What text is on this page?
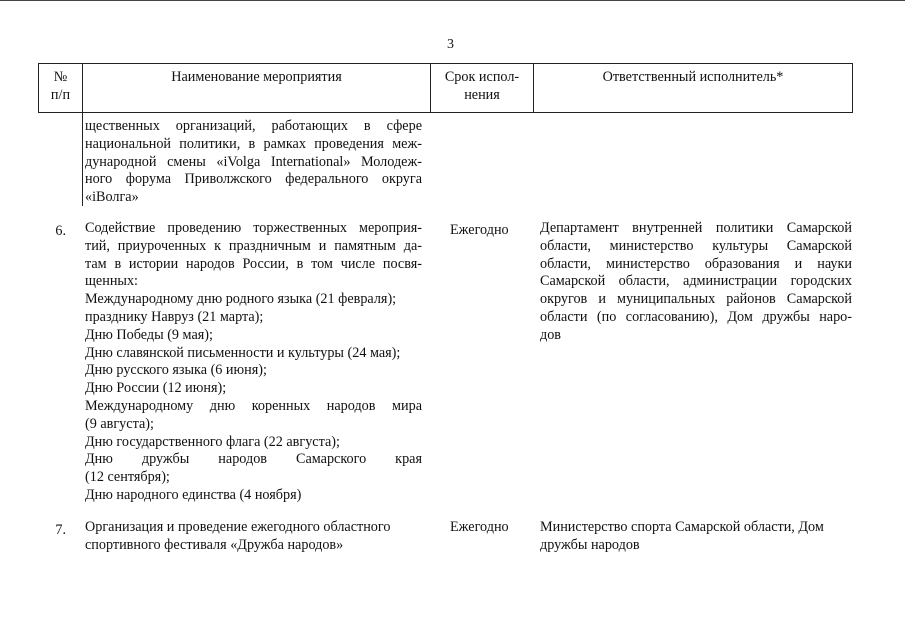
3
№
п/п
Наименование мероприятия	Срок испол-
нения
Ответственный исполнитель*
щественных организаций, работающих в сфере
национальной политики, в рамках проведения меж-
дународной смены «iVolga International» Молодеж-
ного форума Приволжского федерального округа
«iВолга»
6. Содействие проведению торжественных мероприя-
тий, приуроченных к праздничным и памятным да-
там в истории народов России, в том числе посвя-
щенных:
Международному дню родного языка (21 февраля);
празднику Навруз (21 марта);
Дню Победы (9 мая);
Дню славянской письменности и культуры (24 мая);
Дню русского языка (6 июня);
Дню России (12 июня);
Международному дню коренных народов мира
(9 августа);
Дню государственного флага (22 августа);
Дню дружбы народов Самарского края
(12 сентября);
Дню народного единства (4 ноября)
Ежегодно Департамент внутренней политики Самарской
области, министерство культуры Самарской
области, министерство образования и науки
Самарской области, администрации городских
округов и муниципальных районов Самарской
области (по согласованию), Дом дружбы наро-
дов
7. Организация и проведение ежегодного областного
спортивного фестиваля «Дружба народов»
Ежегодно Министерство спорта Самарской области, Дом
дружбы народов
